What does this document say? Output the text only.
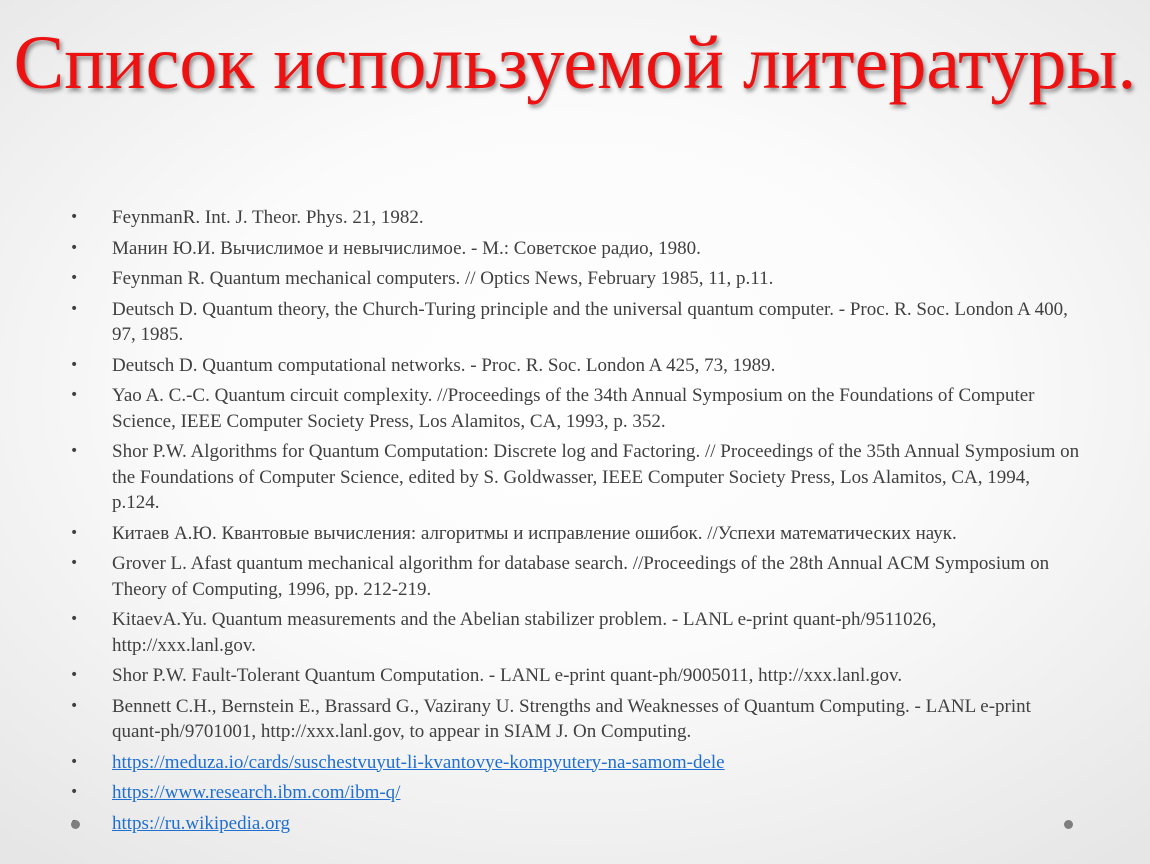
Список используемой литературы.
• FeynmanR. Int. J. Theor. Phys. 21, 1982.
• Манин Ю.И. Вычислимое и невычислимое. - М.: Советское радио, 1980.
• Feynman R. Quantum mechanical computers. // Optics News, February 1985, 11, p.11.
• Deutsch D. Quantum theory, the Church-Turing principle and the universal quantum computer. - Proc. R. Soc. London A 400, 97, 1985.
• Deutsch D. Quantum computational networks. - Proc. R. Soc. London A 425, 73, 1989.
• Yao A. C.-C. Quantum circuit complexity. //Proceedings of the 34th Annual Symposium on the Foundations of Computer Science, IEEE Computer Society Press, Los Alamitos, CA, 1993, p. 352.
• Shor P.W. Algorithms for Quantum Computation: Discrete log and Factoring. // Proceedings of the 35th Annual Symposium on the Foundations of Computer Science, edited by S. Goldwasser, IEEE Computer Society Press, Los Alamitos, CA, 1994, p.124.
• Китаев А.Ю. Квантовые вычисления: алгоритмы и исправление ошибок. //Успехи математических наук.
• Grover L. Afast quantum mechanical algorithm for database search. //Proceedings of the 28th Annual ACM Symposium on Theory of Computing, 1996, pp. 212-219.
• KitaevA.Yu. Quantum measurements and the Abelian stabilizer problem. - LANL e-print quant-ph/9511026, http://xxx.lanl.gov.
• Shor P.W. Fault-Tolerant Quantum Computation. - LANL e-print quant-ph/9005011, http://xxx.lanl.gov.
• Bennett C.H., Bernstein E., Brassard G., Vazirany U. Strengths and Weaknesses of Quantum Computing. - LANL e-print quant-ph/9701001, http://xxx.lanl.gov, to appear in SIAM J. On Computing.
• https://meduza.io/cards/suschestvuyut-li-kvantovye-kompyutery-na-samom-dele
• https://www.research.ibm.com/ibm-q/
https://ru.wikipedia.org
